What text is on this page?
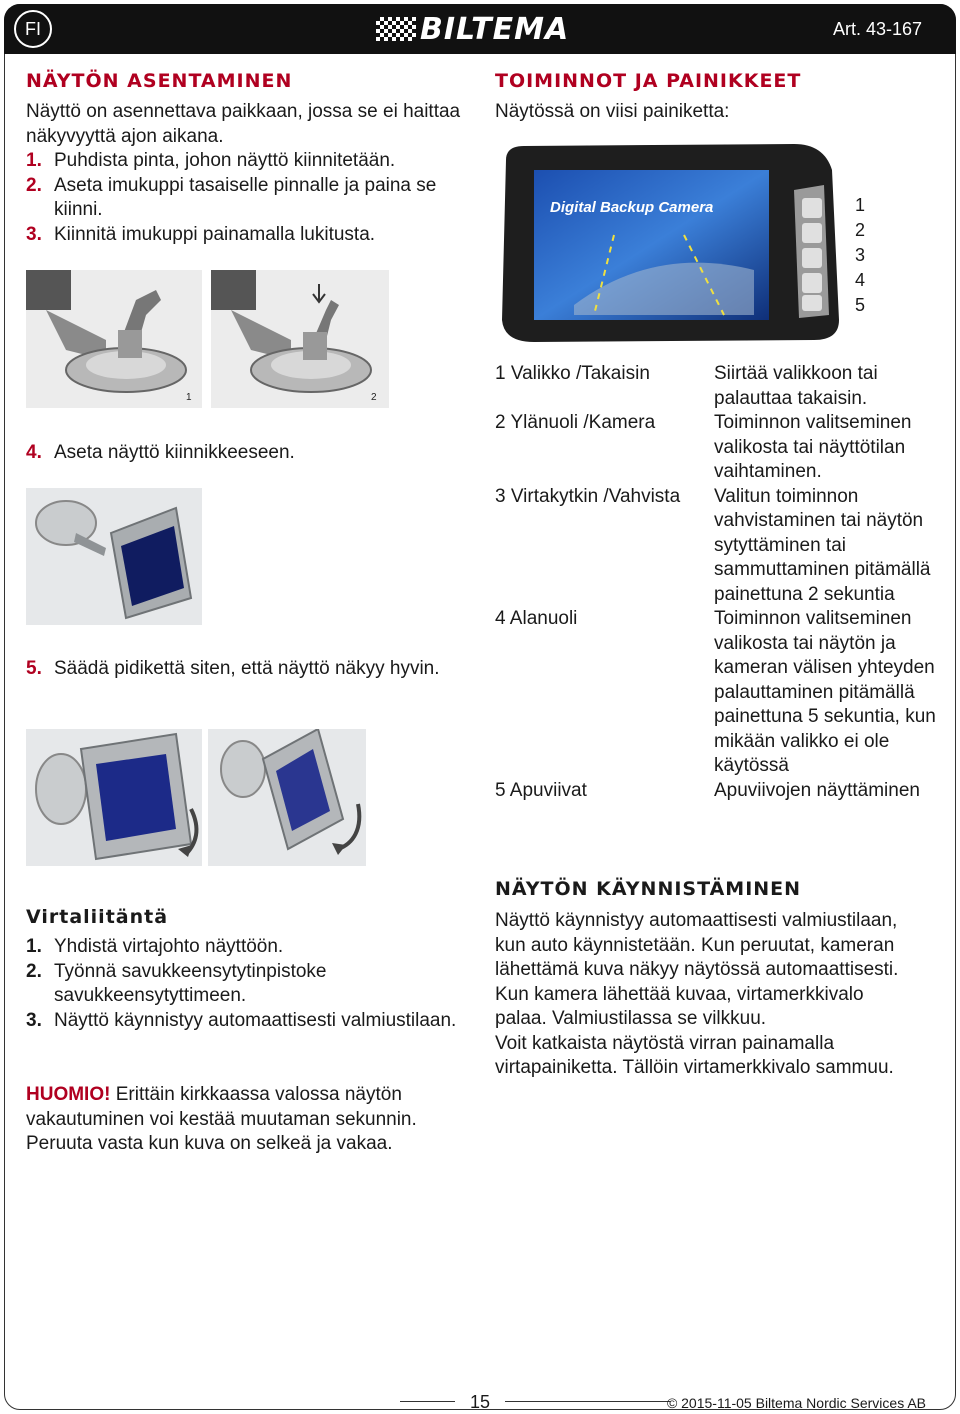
FI	BILTEMA	Art. 43-167
NÄYTÖN ASENTAMINEN
Näyttö on asennettava paikkaan, jossa se ei haittaa näkyvyyttä ajon aikana.
1. Puhdista pinta, johon näyttö kiinnitetään.
2. Aseta imukuppi tasaiselle pinnalle ja paina se kiinni.
3. Kiinnitä imukuppi painamalla lukitusta.
1	2
4. Aseta näyttö kiinnikkeeseen.
5. Säädä pidikettä siten, että näyttö näkyy hyvin.
Virtaliitäntä
1. Yhdistä virtajohto näyttöön.
2. Työnnä savukkeensytytinpistoke savukkeensytyttimeen.
3. Näyttö käynnistyy automaattisesti valmiustilaan.
HUOMIO! Erittäin kirkkaassa valossa näytön vakautuminen voi kestää muutaman sekunnin. Peruuta vasta kun kuva on selkeä ja vakaa.
TOIMINNOT JA PAINIKKEET
Näytössä on viisi painiketta:
Digital Backup Camera	1
2
3
4
5
1 Valikko /Takaisin	Siirtää valikkoon tai palauttaa takaisin.
2 Ylänuoli /Kamera	Toiminnon valitseminen valikosta tai näyttötilan vaihtaminen.
3 Virtakytkin /Vahvista	Valitun toiminnon vahvistaminen tai näytön sytyttäminen tai sammuttaminen pitämällä painettuna 2 sekuntia
4 Alanuoli	Toiminnon valitseminen valikosta tai näytön ja kameran välisen yhteyden palauttaminen pitämällä painettuna 5 sekuntia, kun mikään valikko ei ole käytössä
5 Apuviivat	Apuviivojen näyttäminen
NÄYTÖN KÄYNNISTÄMINEN
Näyttö käynnistyy automaattisesti valmiustilaan, kun auto käynnistetään. Kun peruutat, kameran lähettämä kuva näkyy näytössä automaattisesti.
Kun kamera lähettää kuvaa, virtamerkkivalo palaa. Valmiustilassa se vilkkuu.
Voit katkaista näytöstä virran painamalla virtapainiketta. Tällöin virtamerkkivalo sammuu.
15	© 2015-11-05 Biltema Nordic Services AB
